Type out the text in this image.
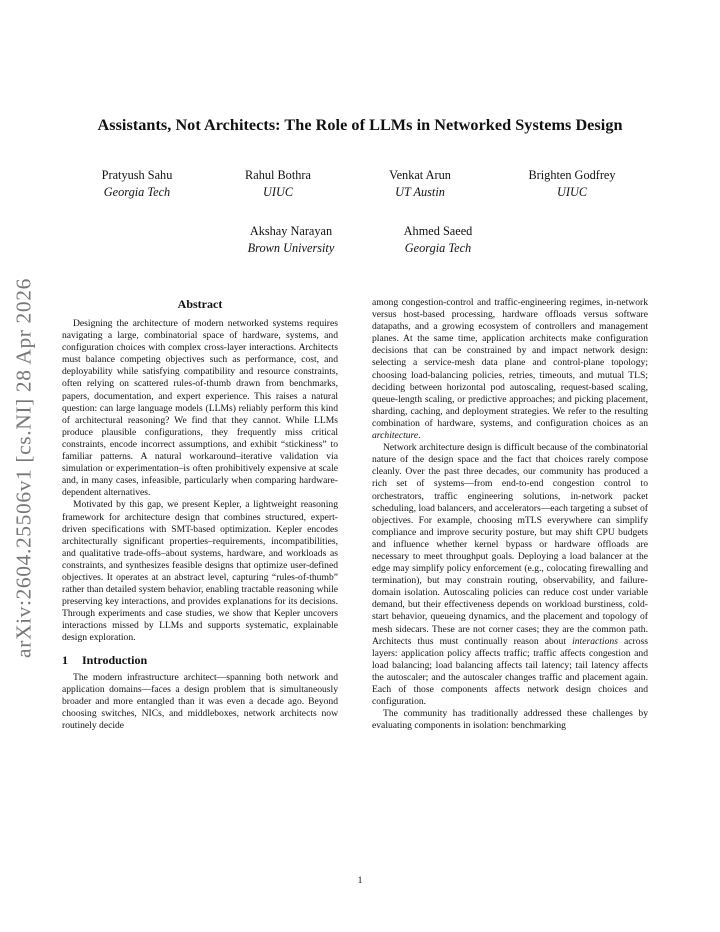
arXiv:2604.25506v1 [cs.NI] 28 Apr 2026
Assistants, Not Architects: The Role of LLMs in Networked Systems Design
Pratyush Sahu
Georgia Tech
Rahul Bothra
UIUC
Venkat Arun
UT Austin
Brighten Godfrey
UIUC
Akshay Narayan
Brown University
Ahmed Saeed
Georgia Tech
Abstract

Designing the architecture of modern networked systems requires navigating a large, combinatorial space of hardware, systems, and configuration choices with complex cross-layer interactions. Architects must balance competing objectives such as performance, cost, and deployability while satisfying compatibility and resource constraints, often relying on scattered rules-of-thumb drawn from benchmarks, papers, documentation, and expert experience. This raises a natural question: can large language models (LLMs) reliably perform this kind of architectural reasoning? We find that they cannot. While LLMs produce plausible configurations, they frequently miss critical constraints, encode incorrect assumptions, and exhibit “stickiness” to familiar patterns. A natural workaround–iterative validation via simulation or experimentation–is often prohibitively expensive at scale and, in many cases, infeasible, particularly when comparing hardware-dependent alternatives.

Motivated by this gap, we present Kepler, a lightweight reasoning framework for architecture design that combines structured, expert-driven specifications with SMT-based optimization. Kepler encodes architecturally significant properties–requirements, incompatibilities, and qualitative trade-offs–about systems, hardware, and workloads as constraints, and synthesizes feasible designs that optimize user-defined objectives. It operates at an abstract level, capturing “rules-of-thumb” rather than detailed system behavior, enabling tractable reasoning while preserving key interactions, and provides explanations for its decisions. Through experiments and case studies, we show that Kepler uncovers interactions missed by LLMs and supports systematic, explainable design exploration.

1 Introduction

The modern infrastructure architect—spanning both network and application domains—faces a design problem that is simultaneously broader and more entangled than it was even a decade ago. Beyond choosing switches, NICs, and middleboxes, network architects now routinely decide

among congestion-control and traffic-engineering regimes, in-network versus host-based processing, hardware offloads versus software datapaths, and a growing ecosystem of controllers and management planes. At the same time, application architects make configuration decisions that can be constrained by and impact network design: selecting a service-mesh data plane and control-plane topology; choosing load-balancing policies, retries, timeouts, and mutual TLS; deciding between horizontal pod autoscaling, request-based scaling, queue-length scaling, or predictive approaches; and picking placement, sharding, caching, and deployment strategies. We refer to the resulting combination of hardware, systems, and configuration choices as an architecture.

Network architecture design is difficult because of the combinatorial nature of the design space and the fact that choices rarely compose cleanly. Over the past three decades, our community has produced a rich set of systems—from end-to-end congestion control to orchestrators, traffic engineering solutions, in-network packet scheduling, load balancers, and accelerators—each targeting a subset of objectives. For example, choosing mTLS everywhere can simplify compliance and improve security posture, but may shift CPU budgets and influence whether kernel bypass or hardware offloads are necessary to meet throughput goals. Deploying a load balancer at the edge may simplify policy enforcement (e.g., colocating firewalling and termination), but may constrain routing, observability, and failure-domain isolation. Autoscaling policies can reduce cost under variable demand, but their effectiveness depends on workload burstiness, cold-start behavior, queueing dynamics, and the placement and topology of mesh sidecars. These are not corner cases; they are the common path. Architects thus must continually reason about interactions across layers: application policy affects traffic; traffic affects congestion and load balancing; load balancing affects tail latency; tail latency affects the autoscaler; and the autoscaler changes traffic and placement again. Each of those components affects network design choices and configuration.

The community has traditionally addressed these challenges by evaluating components in isolation: benchmarking

1
